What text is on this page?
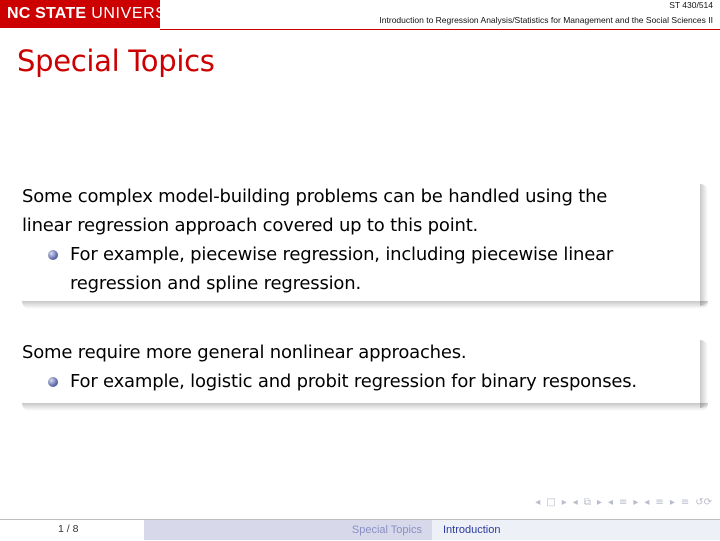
NC STATE UNIVERSITY	ST 430/514
Introduction to Regression Analysis/Statistics for Management and the Social Sciences II
Special Topics

Some complex model-building problems can be handled using the linear regression approach covered up to this point.

For example, piecewise regression, including piecewise linear regression and spline regression.

Some require more general nonlinear approaches.

For example, logistic and probit regression for binary responses.
◂ □ ▸ ◂ ⧉ ▸ ◂ ≡ ▸ ◂ ≡ ▸ ≡ ↺⟳
1 / 8	Special Topics	Introduction
